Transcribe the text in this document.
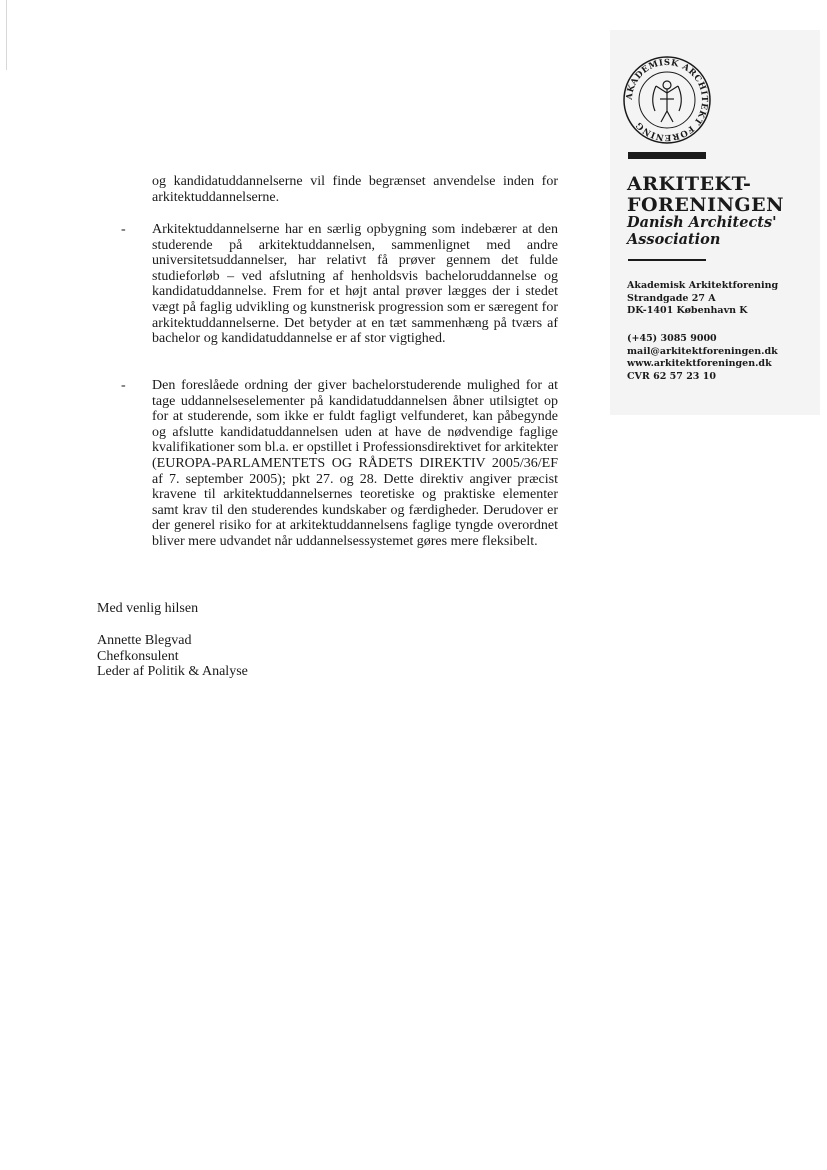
AKADEMISK ARCHITEKT FORENING
ARKITEKT-
FORENINGEN
Danish Architects'
Association
Akademisk Arkitektforening
Strandgade 27 A
DK-1401 København K
(+45) 3085 9000
mail@arkitektforeningen.dk
www.arkitektforeningen.dk
CVR 62 57 23 10
og kandidatuddannelserne vil finde begrænset anvendelse inden for arkitektuddannelserne.
- Arkitektuddannelserne har en særlig opbygning som indebærer at den studerende på arkitektuddannelsen, sammenlignet med andre universitetsuddannelser, har relativt få prøver gennem det fulde studieforløb – ved afslutning af henholdsvis bacheloruddannelse og kandidatuddannelse. Frem for et højt antal prøver lægges der i stedet vægt på faglig udvikling og kunstnerisk progression som er særegent for arkitektuddannelserne. Det betyder at en tæt sammenhæng på tværs af bachelor og kandidatuddannelse er af stor vigtighed.
- Den foreslåede ordning der giver bachelorstuderende mulighed for at tage uddannelseselementer på kandidatuddannelsen åbner utilsigtet op for at studerende, som ikke er fuldt fagligt velfunderet, kan påbegynde og afslutte kandidatuddannelsen uden at have de nødvendige faglige kvalifikationer som bl.a. er opstillet i Professionsdirektivet for arkitekter (EUROPA-PARLAMENTETS OG RÅDETS DIREKTIV 2005/36/EF af 7. september 2005); pkt 27. og 28. Dette direktiv angiver præcist kravene til arkitektuddannelsernes teoretiske og praktiske elementer samt krav til den studerendes kundskaber og færdigheder. Derudover er der generel risiko for at arkitektuddannelsens faglige tyngde overordnet bliver mere udvandet når uddannelsessystemet gøres mere fleksibelt.
Med venlig hilsen
Annette Blegvad
Chefkonsulent
Leder af Politik & Analyse
